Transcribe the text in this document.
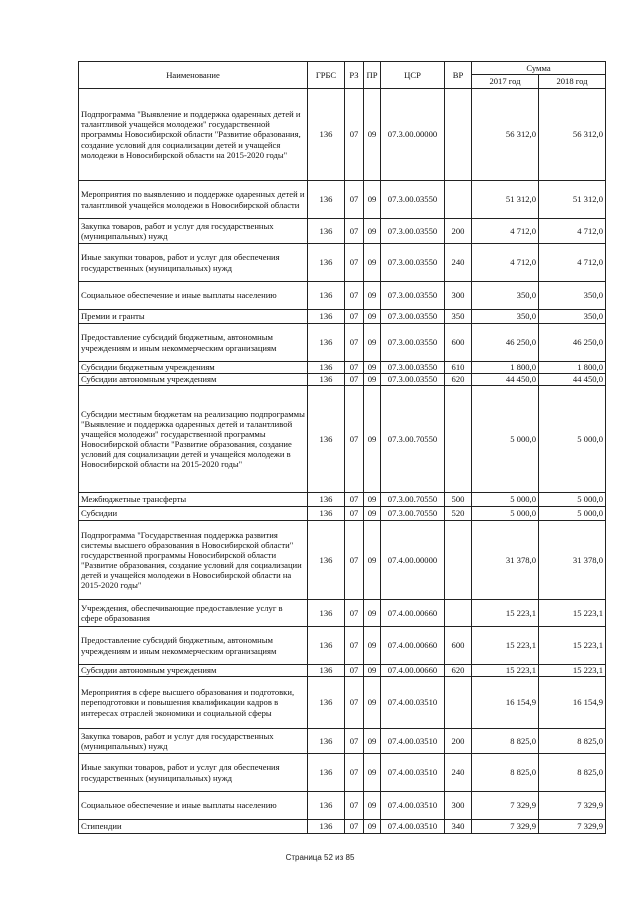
Наименование	ГРБС	РЗ	ПР	ЦСР	ВР	Сумма	
						2017 год	2018 год
Подпрограмма "Выявление и поддержка одаренных детей и талантливой учащейся молодежи" государственной программы Новосибирской области "Развитие образования, создание условий для социализации детей и учащейся молодежи в Новосибирской области на 2015-2020 годы"	136	07	09	07.3.00.00000		56 312,0	56 312,0
Мероприятия по выявлению и поддержке одаренных детей и талантливой учащейся молодежи в Новосибирской области	136	07	09	07.3.00.03550		51 312,0	51 312,0
Закупка товаров, работ и услуг для государственных (муниципальных) нужд	136	07	09	07.3.00.03550	200	4 712,0	4 712,0
Иные закупки товаров, работ и услуг для обеспечения государственных (муниципальных) нужд	136	07	09	07.3.00.03550	240	4 712,0	4 712,0
Социальное обеспечение и иные выплаты населению	136	07	09	07.3.00.03550	300	350,0	350,0
Премии и гранты	136	07	09	07.3.00.03550	350	350,0	350,0
Предоставление субсидий бюджетным, автономным учреждениям и иным некоммерческим организациям	136	07	09	07.3.00.03550	600	46 250,0	46 250,0
Субсидии бюджетным учреждениям	136	07	09	07.3.00.03550	610	1 800,0	1 800,0
Субсидии автономным учреждениям	136	07	09	07.3.00.03550	620	44 450,0	44 450,0
Субсидии местным бюджетам на реализацию подпрограммы "Выявление и поддержка одаренных детей и талантливой учащейся молодежи" государственной программы Новосибирской области "Развитие образования, создание условий для социализации детей и учащейся молодежи в Новосибирской области на 2015-2020 годы"	136	07	09	07.3.00.70550		5 000,0	5 000,0
Межбюджетные трансферты	136	07	09	07.3.00.70550	500	5 000,0	5 000,0
Субсидии	136	07	09	07.3.00.70550	520	5 000,0	5 000,0
Подпрограмма "Государственная поддержка развития системы высшего образования в Новосибирской области" государственной программы Новосибирской области "Развитие образования, создание условий для социализации детей и учащейся молодежи в Новосибирской области на 2015-2020 годы"	136	07	09	07.4.00.00000		31 378,0	31 378,0
Учреждения, обеспечивающие предоставление услуг в сфере образования	136	07	09	07.4.00.00660		15 223,1	15 223,1
Предоставление субсидий бюджетным, автономным учреждениям и иным некоммерческим организациям	136	07	09	07.4.00.00660	600	15 223,1	15 223,1
Субсидии автономным учреждениям	136	07	09	07.4.00.00660	620	15 223,1	15 223,1
Мероприятия в сфере высшего образования и подготовки, переподготовки и повышения квалификации кадров в интересах отраслей экономики и социальной сферы	136	07	09	07.4.00.03510		16 154,9	16 154,9
Закупка товаров, работ и услуг для государственных (муниципальных) нужд	136	07	09	07.4.00.03510	200	8 825,0	8 825,0
Иные закупки товаров, работ и услуг для обеспечения государственных (муниципальных) нужд	136	07	09	07.4.00.03510	240	8 825,0	8 825,0
Социальное обеспечение и иные выплаты населению	136	07	09	07.4.00.03510	300	7 329,9	7 329,9
Стипендии	136	07	09	07.4.00.03510	340	7 329,9	7 329,9
Страница 52 из 85
